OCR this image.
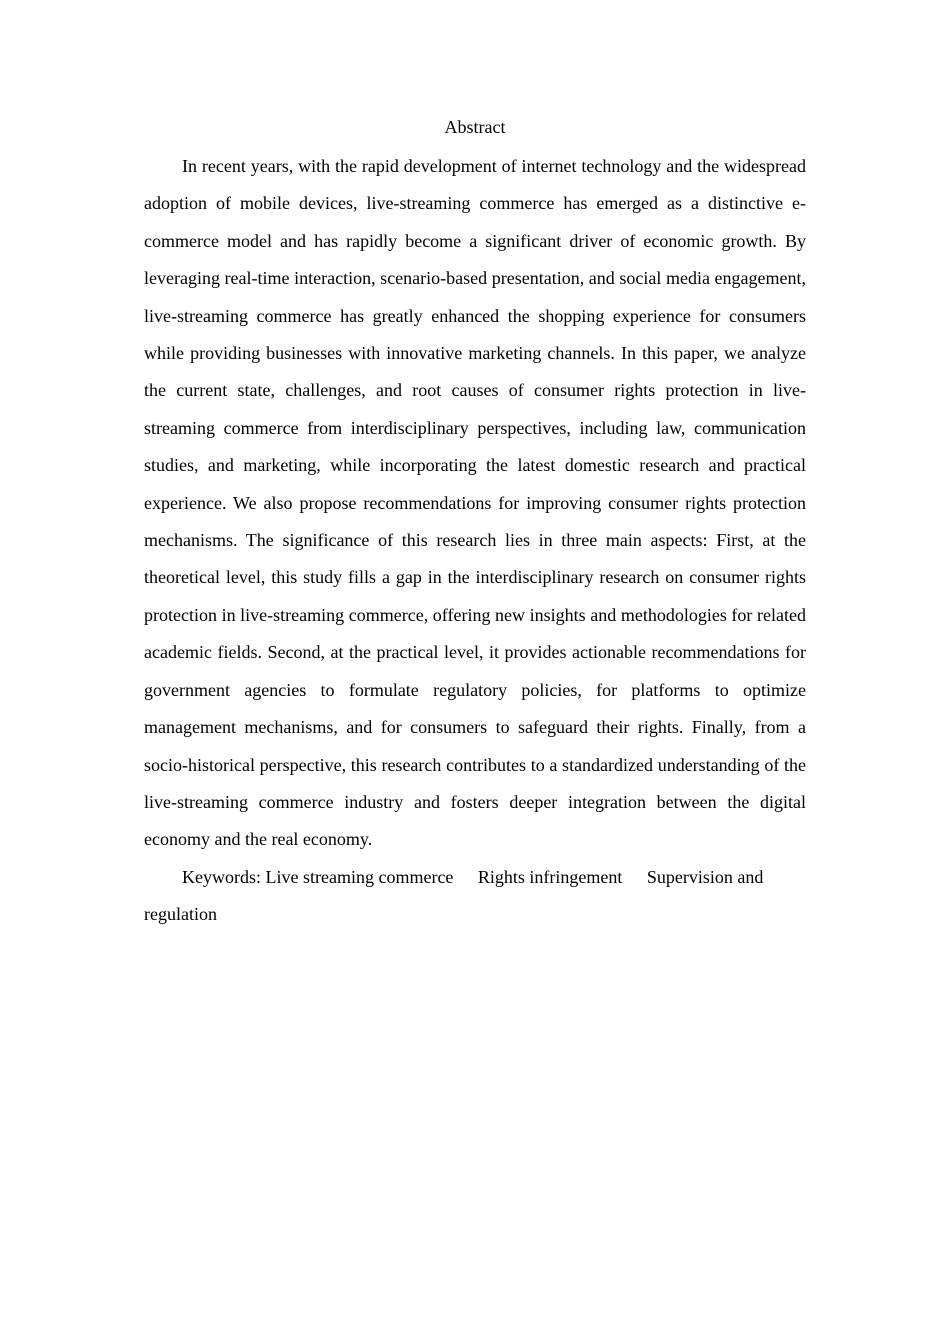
Abstract

In recent years, with the rapid development of internet technology and the widespread adoption of mobile devices, live-streaming commerce has emerged as a distinctive e-commerce model and has rapidly become a significant driver of economic growth. By leveraging real-time interaction, scenario-based presentation, and social media engagement, live-streaming commerce has greatly enhanced the shopping experience for consumers while providing businesses with innovative marketing channels. In this paper, we analyze the current state, challenges, and root causes of consumer rights protection in live-streaming commerce from interdisciplinary perspectives, including law, communication studies, and marketing, while incorporating the latest domestic research and practical experience. We also propose recommendations for improving consumer rights protection mechanisms. The significance of this research lies in three main aspects: First, at the theoretical level, this study fills a gap in the interdisciplinary research on consumer rights protection in live-streaming commerce, offering new insights and methodologies for related academic fields. Second, at the practical level, it provides actionable recommendations for government agencies to formulate regulatory policies, for platforms to optimize management mechanisms, and for consumers to safeguard their rights. Finally, from a socio-historical perspective, this research contributes to a standardized understanding of the live-streaming commerce industry and fosters deeper integration between the digital economy and the real economy.

Keywords: Live streaming commerce Rights infringement Supervision and regulation
